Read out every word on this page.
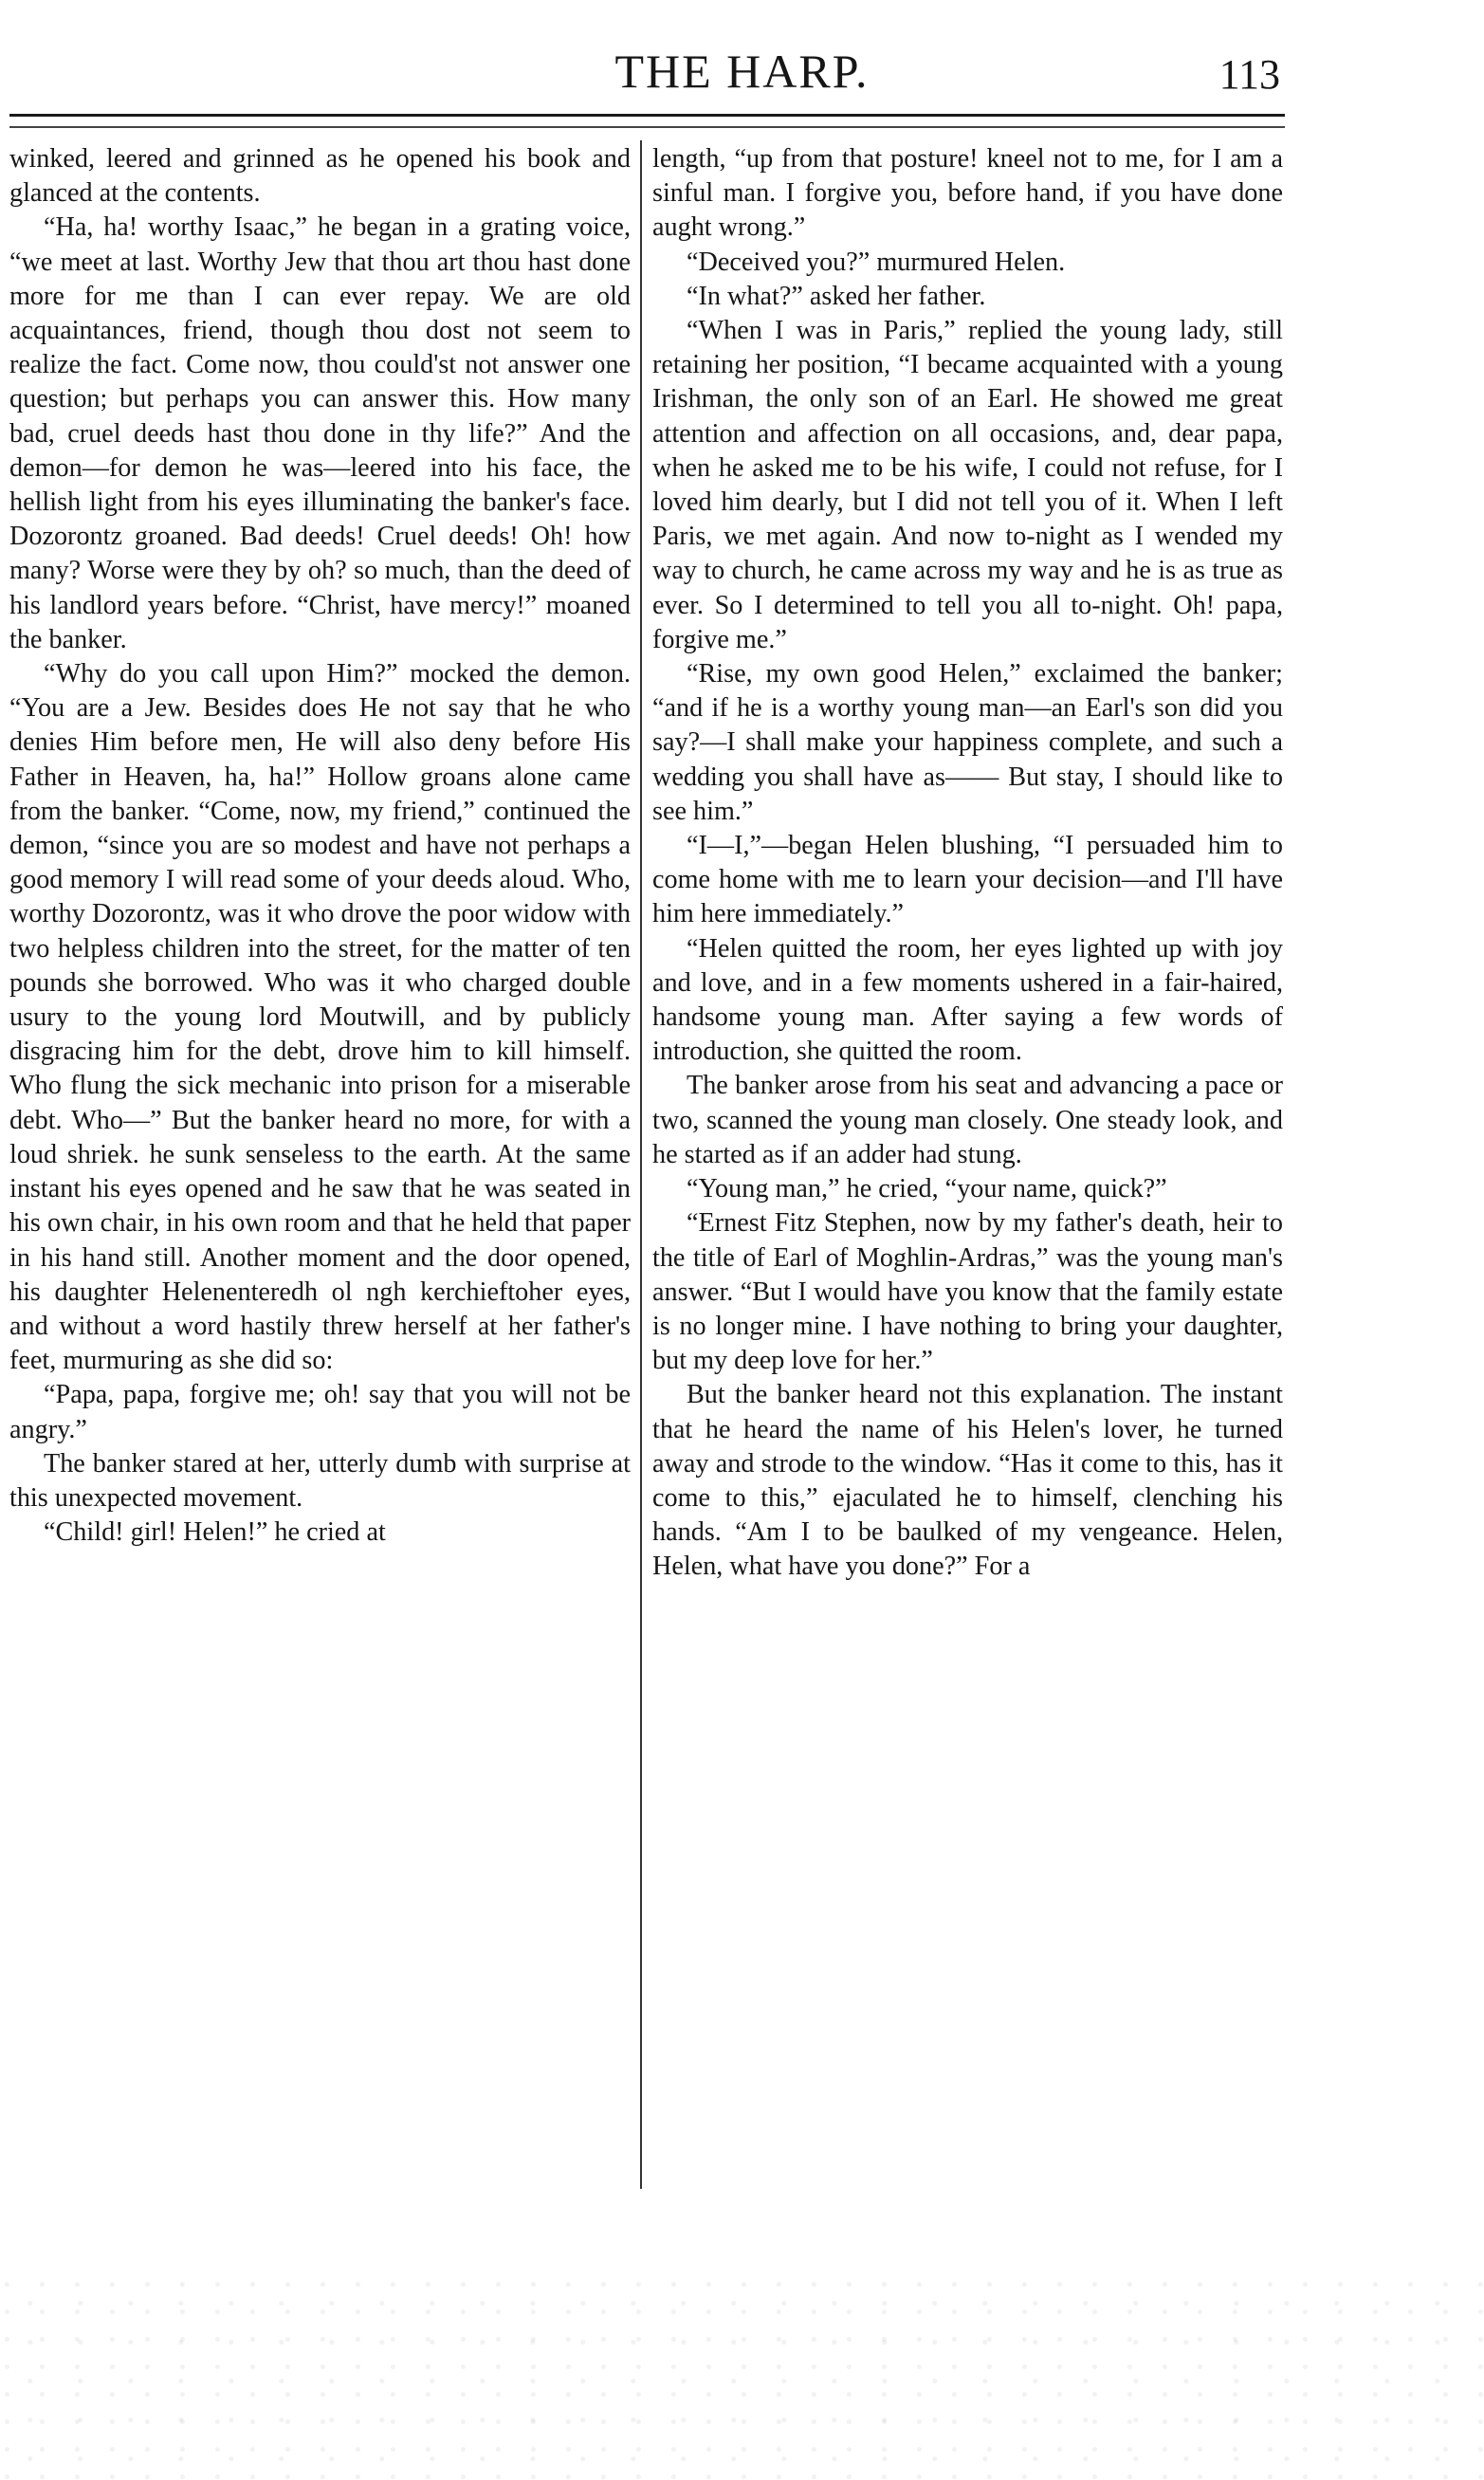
THE HARP.	113

winked, leered and grinned as he opened his book and glanced at the contents.

“Ha, ha! worthy Isaac,” he began in a grating voice, “we meet at last. Worthy Jew that thou art thou hast done more for me than I can ever repay. We are old acquaintances, friend, though thou dost not seem to realize the fact. Come now, thou could'st not answer one question; but perhaps you can answer this. How many bad, cruel deeds hast thou done in thy life?” And the demon—for demon he was—leered into his face, the hellish light from his eyes illuminating the banker's face. Dozorontz groaned. Bad deeds! Cruel deeds! Oh! how many? Worse were they by oh? so much, than the deed of his landlord years before. “Christ, have mercy!” moaned the banker.

“Why do you call upon Him?” mocked the demon. “You are a Jew. Besides does He not say that he who denies Him before men, He will also deny before His Father in Heaven, ha, ha!” Hollow groans alone came from the banker. “Come, now, my friend,” continued the demon, “since you are so modest and have not perhaps a good memory I will read some of your deeds aloud. Who, worthy Dozorontz, was it who drove the poor widow with two helpless children into the street, for the matter of ten pounds she borrowed. Who was it who charged double usury to the young lord Moutwill, and by publicly disgracing him for the debt, drove him to kill himself. Who flung the sick mechanic into prison for a miserable debt. Who—” But the banker heard no more, for with a loud shriek. he sunk senseless to the earth. At the same instant his eyes opened and he saw that he was seated in his own chair, in his own room and that he held that paper in his hand still. Another moment and the door opened, his daughter Helenenteredh ol ngh kerchieftoher eyes, and without a word hastily threw herself at her father's feet, murmuring as she did so:

“Papa, papa, forgive me; oh! say that you will not be angry.”

The banker stared at her, utterly dumb with surprise at this unexpected movement.

“Child! girl! Helen!” he cried at

length, “up from that posture! kneel not to me, for I am a sinful man. I forgive you, before hand, if you have done aught wrong.”

“Deceived you?” murmured Helen.

“In what?” asked her father.

“When I was in Paris,” replied the young lady, still retaining her position, “I became acquainted with a young Irishman, the only son of an Earl. He showed me great attention and affection on all occasions, and, dear papa, when he asked me to be his wife, I could not refuse, for I loved him dearly, but I did not tell you of it. When I left Paris, we met again. And now to-night as I wended my way to church, he came across my way and he is as true as ever. So I determined to tell you all to-night. Oh! papa, forgive me.”

“Rise, my own good Helen,” exclaimed the banker; “and if he is a worthy young man—an Earl's son did you say?—I shall make your happiness complete, and such a wedding you shall have as—— But stay, I should like to see him.”

“I—I,”—began Helen blushing, “I persuaded him to come home with me to learn your decision—and I'll have him here immediately.”

“Helen quitted the room, her eyes lighted up with joy and love, and in a few moments ushered in a fair-haired, handsome young man. After saying a few words of introduction, she quitted the room.

The banker arose from his seat and advancing a pace or two, scanned the young man closely. One steady look, and he started as if an adder had stung.

“Young man,” he cried, “your name, quick?”

“Ernest Fitz Stephen, now by my father's death, heir to the title of Earl of Moghlin-Ardras,” was the young man's answer. “But I would have you know that the family estate is no longer mine. I have nothing to bring your daughter, but my deep love for her.”

But the banker heard not this explanation. The instant that he heard the name of his Helen's lover, he turned away and strode to the window. “Has it come to this, has it come to this,” ejaculated he to himself, clenching his hands. “Am I to be baulked of my vengeance. Helen, Helen, what have you done?” For a
